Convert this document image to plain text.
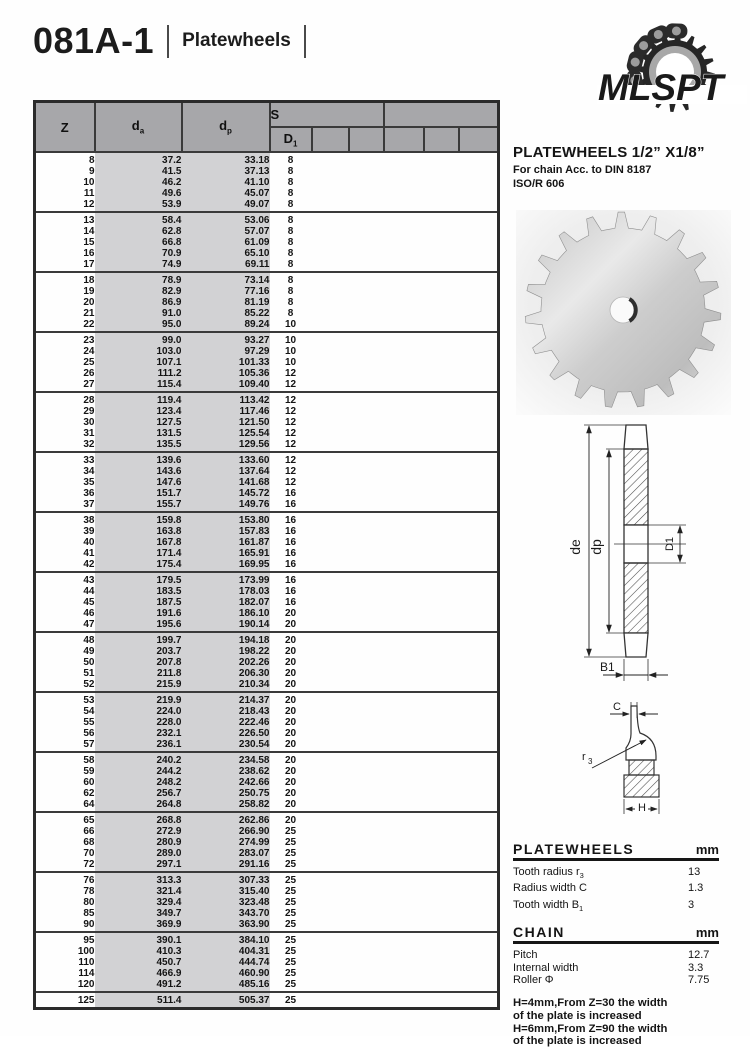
081A-1 Platewheels
MLSPT
Z	$d_a$	$d_p$	S					
			$D_1$					
8	37.2	33.18	8					
9	41.5	37.13	8					
10	46.2	41.10	8					
11	49.6	45.07	8					
12	53.9	49.07	8					
13	58.4	53.06	8					
14	62.8	57.07	8					
15	66.8	61.09	8					
16	70.9	65.10	8					
17	74.9	69.11	8					
18	78.9	73.14	8					
19	82.9	77.16	8					
20	86.9	81.19	8					
21	91.0	85.22	8					
22	95.0	89.24	10					
23	99.0	93.27	10					
24	103.0	97.29	10					
25	107.1	101.33	10					
26	111.2	105.36	12					
27	115.4	109.40	12					
28	119.4	113.42	12					
29	123.4	117.46	12					
30	127.5	121.50	12					
31	131.5	125.54	12					
32	135.5	129.56	12					
33	139.6	133.60	12					
34	143.6	137.64	12					
35	147.6	141.68	12					
36	151.7	145.72	16					
37	155.7	149.76	16					
38	159.8	153.80	16					
39	163.8	157.83	16					
40	167.8	161.87	16					
41	171.4	165.91	16					
42	175.4	169.95	16					
43	179.5	173.99	16					
44	183.5	178.03	16					
45	187.5	182.07	16					
46	191.6	186.10	20					
47	195.6	190.14	20					
48	199.7	194.18	20					
49	203.7	198.22	20					
50	207.8	202.26	20					
51	211.8	206.30	20					
52	215.9	210.34	20					
53	219.9	214.37	20					
54	224.0	218.43	20					
55	228.0	222.46	20					
56	232.1	226.50	20					
57	236.1	230.54	20					
58	240.2	234.58	20					
59	244.2	238.62	20					
60	248.2	242.66	20					
62	256.7	250.75	20					
64	264.8	258.82	20					
65	268.8	262.86	20					
66	272.9	266.90	25					
68	280.9	274.99	25					
70	289.0	283.07	25					
72	297.1	291.16	25					
76	313.3	307.33	25					
78	321.4	315.40	25					
80	329.4	323.48	25					
85	349.7	343.70	25					
90	369.9	363.90	25					
95	390.1	384.10	25					
100	410.3	404.31	25					
110	450.7	444.74	25					
114	466.9	460.90	25					
120	491.2	485.16	25					
125	511.4	505.37	25					
PLATEWHEELS 1/2” X1/8”
For chain Acc. to DIN 8187
ISO/R 606
de dp	D1
B1
C
r 3
H
PLATEWHEELS	mm
Tooth radius $r_3$	13
Radius width C	1.3
Tooth width $B_1$	3
CHAIN	mm
Pitch	12.7
Internal width	3.3
Roller Φ	7.75
H=4mm,From Z=30 the width
of the plate is increased
H=6mm,From Z=90 the width
of the plate is increased
